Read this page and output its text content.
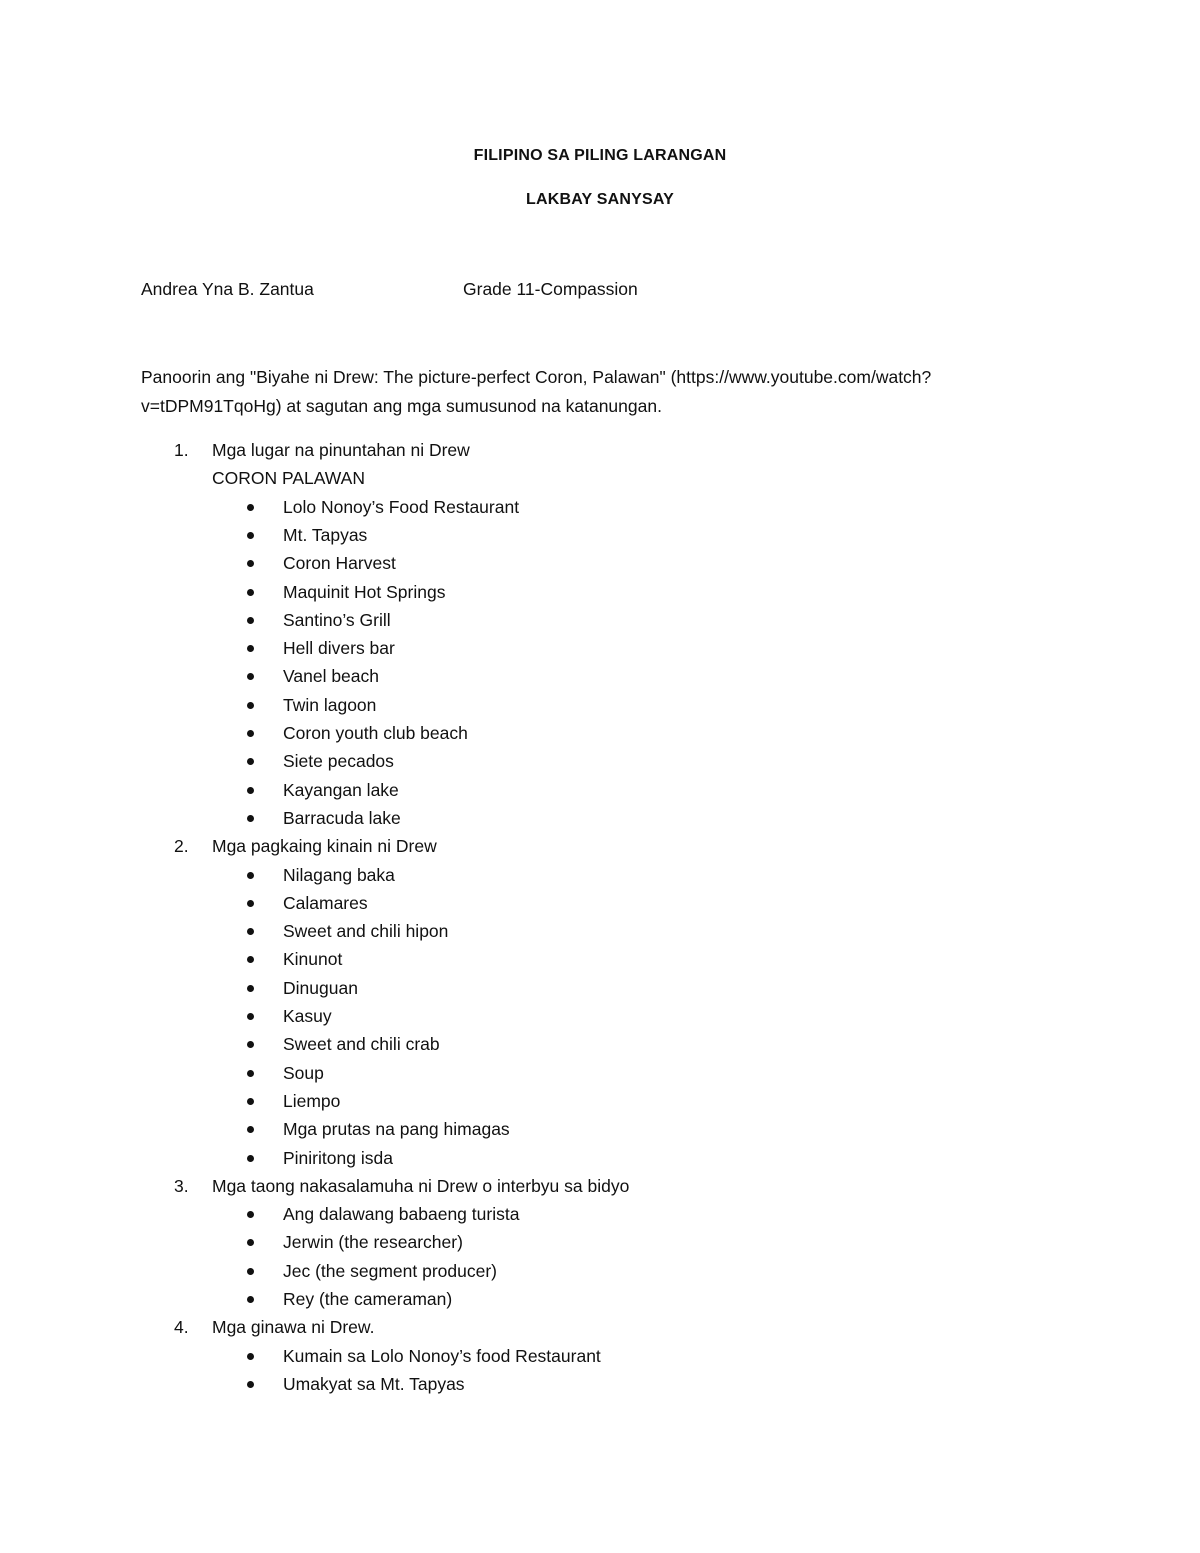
FILIPINO SA PILING LARANGAN
LAKBAY SANYSAY
Andrea Yna B. Zantua	Grade 11-Compassion
Panoorin ang "Biyahe ni Drew: The picture-perfect Coron, Palawan" (https://www.youtube.com/watch?
v=tDPM91TqoHg) at sagutan ang mga sumusunod na katanungan.
1. Mga lugar na pinuntahan ni Drew
CORON PALAWAN
Lolo Nonoy’s Food Restaurant
Mt. Tapyas
Coron Harvest
Maquinit Hot Springs
Santino’s Grill
Hell divers bar
Vanel beach
Twin lagoon
Coron youth club beach
Siete pecados
Kayangan lake
Barracuda lake
2. Mga pagkaing kinain ni Drew
Nilagang baka
Calamares
Sweet and chili hipon
Kinunot
Dinuguan
Kasuy
Sweet and chili crab
Soup
Liempo
Mga prutas na pang himagas
Piniritong isda
3. Mga taong nakasalamuha ni Drew o interbyu sa bidyo
Ang dalawang babaeng turista
Jerwin (the researcher)
Jec (the segment producer)
Rey (the cameraman)
4. Mga ginawa ni Drew.
Kumain sa Lolo Nonoy’s food Restaurant
Umakyat sa Mt. Tapyas
